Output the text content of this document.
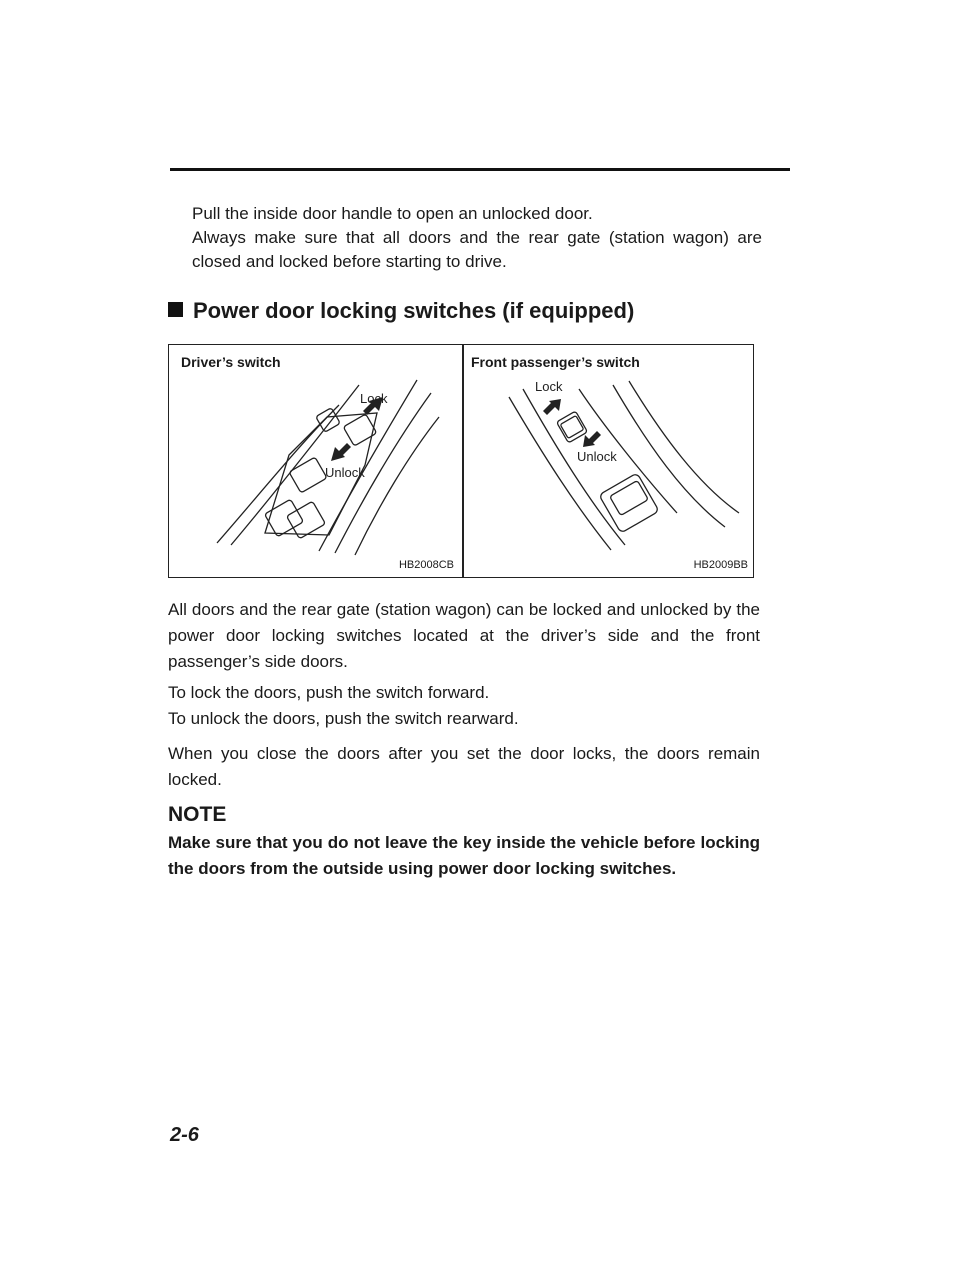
Pull the inside door handle to open an unlocked door.

Always make sure that all doors and the rear gate (station wagon) are closed and locked before starting to drive.

Power door locking switches (if equipped)
Driver’s switch
Lock
Unlock
HB2008CB
Front passenger’s switch
Lock
Unlock
HB2009BB

All doors and the rear gate (station wagon) can be locked and unlocked by the power door locking switches located at the driver’s side and the front passenger’s side doors.

To lock the doors, push the switch forward.

To unlock the doors, push the switch rearward.

When you close the doors after you set the door locks, the doors remain locked.

NOTE
Make sure that you do not leave the key inside the vehicle before locking the doors from the outside using power door locking switches.
2-6
